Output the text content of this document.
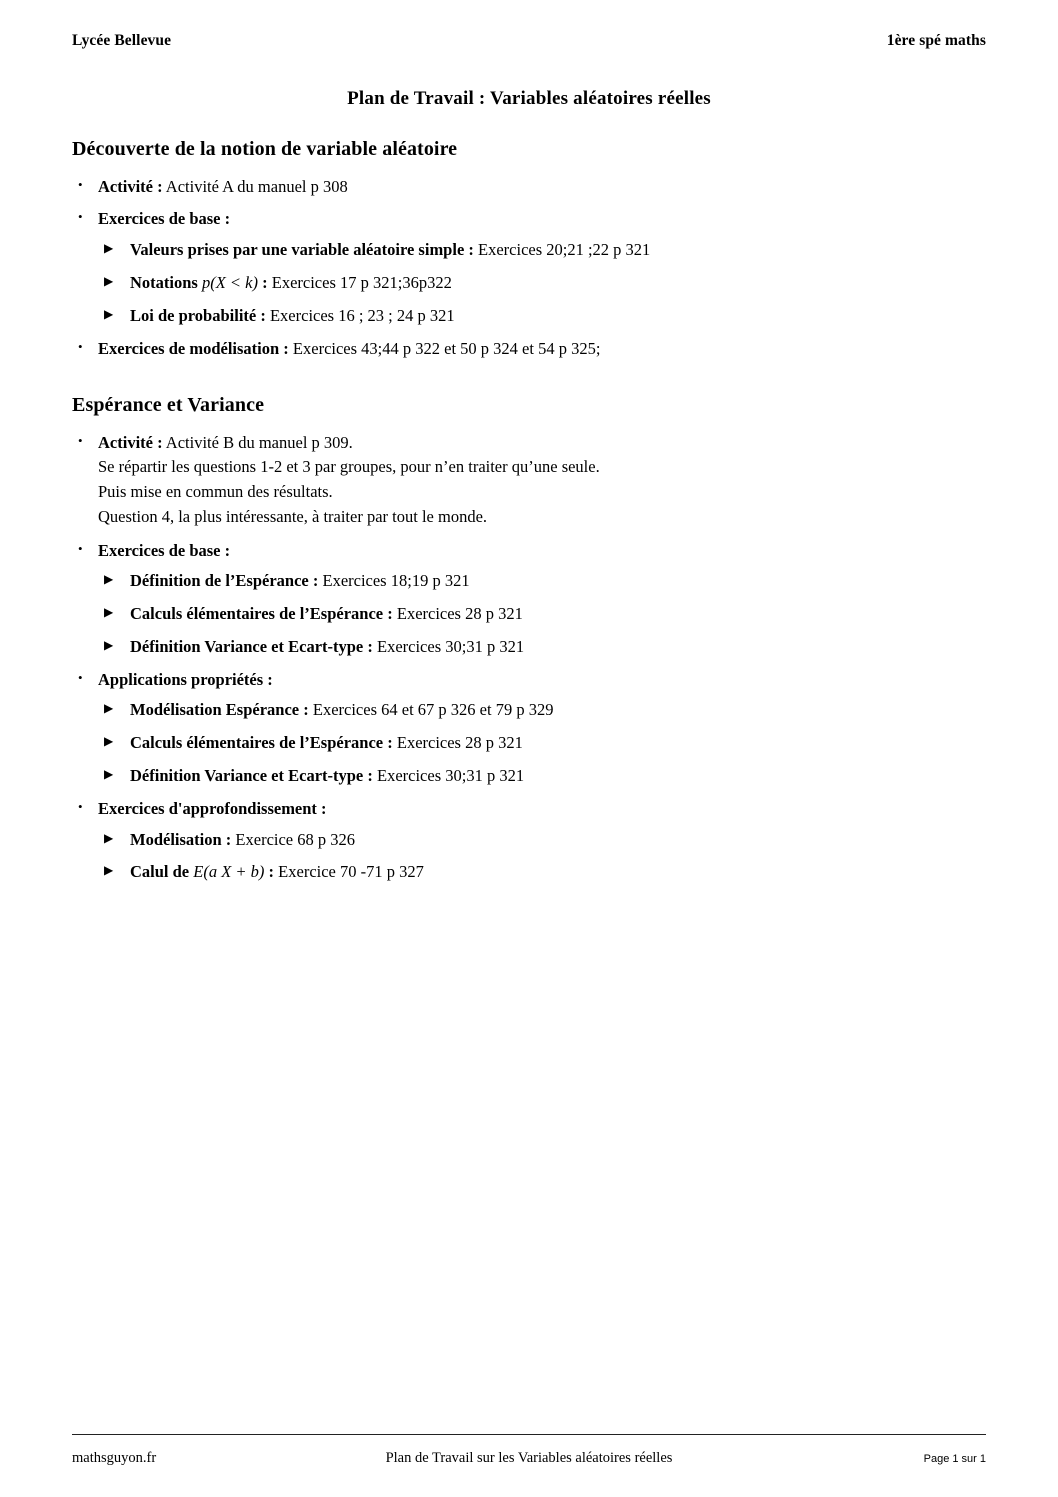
Lycée Bellevue	1ère spé maths
Plan de Travail : Variables aléatoires réelles
Découverte de la notion de variable aléatoire
• Activité : Activité A du manuel p 308
• Exercices de base :
▶ Valeurs prises par une variable aléatoire simple : Exercices 20;21 ;22 p 321
▶ Notations p(X < k) : Exercices 17 p 321;36p322
▶ Loi de probabilité : Exercices 16 ; 23 ; 24 p 321
• Exercices de modélisation : Exercices 43;44 p 322 et 50 p 324 et 54 p 325;
Espérance et Variance
• Activité : Activité B du manuel p 309.
Se répartir les questions 1-2 et 3 par groupes, pour n’en traiter qu’une seule.
Puis mise en commun des résultats.
Question 4, la plus intéressante, à traiter par tout le monde.
• Exercices de base :
▶ Définition de l’Espérance : Exercices 18;19 p 321
▶ Calculs élémentaires de l’Espérance : Exercices 28 p 321
▶ Définition Variance et Ecart-type : Exercices 30;31 p 321
• Applications propriétés :
▶ Modélisation Espérance : Exercices 64 et 67 p 326 et 79 p 329
▶ Calculs élémentaires de l’Espérance : Exercices 28 p 321
▶ Définition Variance et Ecart-type : Exercices 30;31 p 321
• Exercices d'approfondissement :
▶ Modélisation : Exercice 68 p 326
▶ Calul de E(a X + b) : Exercice 70 -71 p 327
mathsguyon.fr	Plan de Travail sur les Variables aléatoires réelles	Page 1 sur 1
